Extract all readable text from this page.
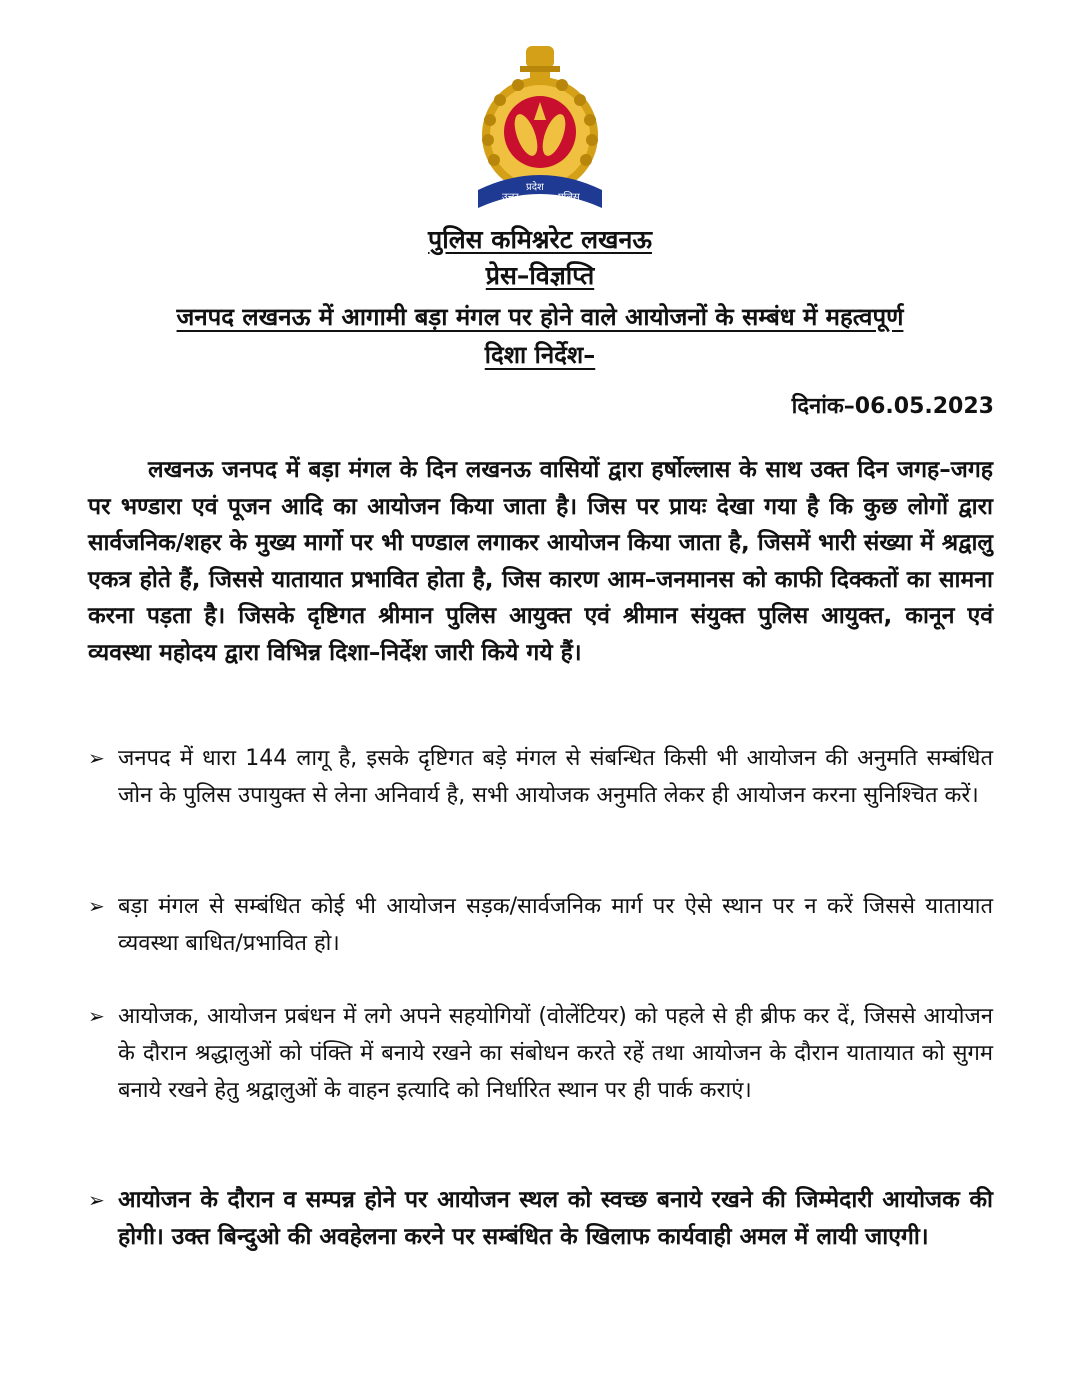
उत्तर
प्रदेश
पुलिस
पुलिस कमिश्नरेट लखनऊ
प्रेस–विज्ञप्ति
जनपद लखनऊ में आगामी बड़ा मंगल पर होने वाले आयोजनों के सम्बंध में महत्वपूर्ण
दिशा निर्देश–
दिनांक–06.05.2023
लखनऊ जनपद में बड़ा मंगल के दिन लखनऊ वासियों द्वारा हर्षोल्लास के साथ उक्त दिन जगह–जगह पर भण्डारा एवं पूजन आदि का आयोजन किया जाता है। जिस पर प्रायः देखा गया है कि कुछ लोगों द्वारा सार्वजनिक/शहर के मुख्य मार्गो पर भी पण्डाल लगाकर आयोजन किया जाता है, जिसमें भारी संख्या में श्रद्वालु एकत्र होते हैं, जिससे यातायात प्रभावित होता है, जिस कारण आम–जनमानस को काफी दिक्कतों का सामना करना पड़ता है। जिसके दृष्टिगत श्रीमान पुलिस आयुक्त एवं श्रीमान संयुक्त पुलिस आयुक्त, कानून एवं व्यवस्था महोदय द्वारा विभिन्न दिशा–निर्देश जारी किये गये हैं।
➢ जनपद में धारा 144 लागू है, इसके दृष्टिगत बड़े मंगल से संबन्धित किसी भी आयोजन की अनुमति सम्बंधित जोन के पुलिस उपायुक्त से लेना अनिवार्य है, सभी आयोजक अनुमति लेकर ही आयोजन करना सुनिश्चित करें।
➢ बड़ा मंगल से सम्बंधित कोई भी आयोजन सड़क/सार्वजनिक मार्ग पर ऐसे स्थान पर न करें जिससे यातायात व्यवस्था बाधित/प्रभावित हो।
➢ आयोजक, आयोजन प्रबंधन में लगे अपने सहयोगियों (वोलेंटियर) को पहले से ही ब्रीफ कर दें, जिससे आयोजन के दौरान श्रद्धालुओं को पंक्ति में बनाये रखने का संबोधन करते रहें तथा आयोजन के दौरान यातायात को सुगम बनाये रखने हेतु श्रद्वालुओं के वाहन इत्यादि को निर्धारित स्थान पर ही पार्क कराएं।
➢ आयोजन के दौरान व सम्पन्न होने पर आयोजन स्थल को स्वच्छ बनाये रखने की जिम्मेदारी आयोजक की होगी। उक्त बिन्दुओ की अवहेलना करने पर सम्बंधित के खिलाफ कार्यवाही अमल में लायी जाएगी।
